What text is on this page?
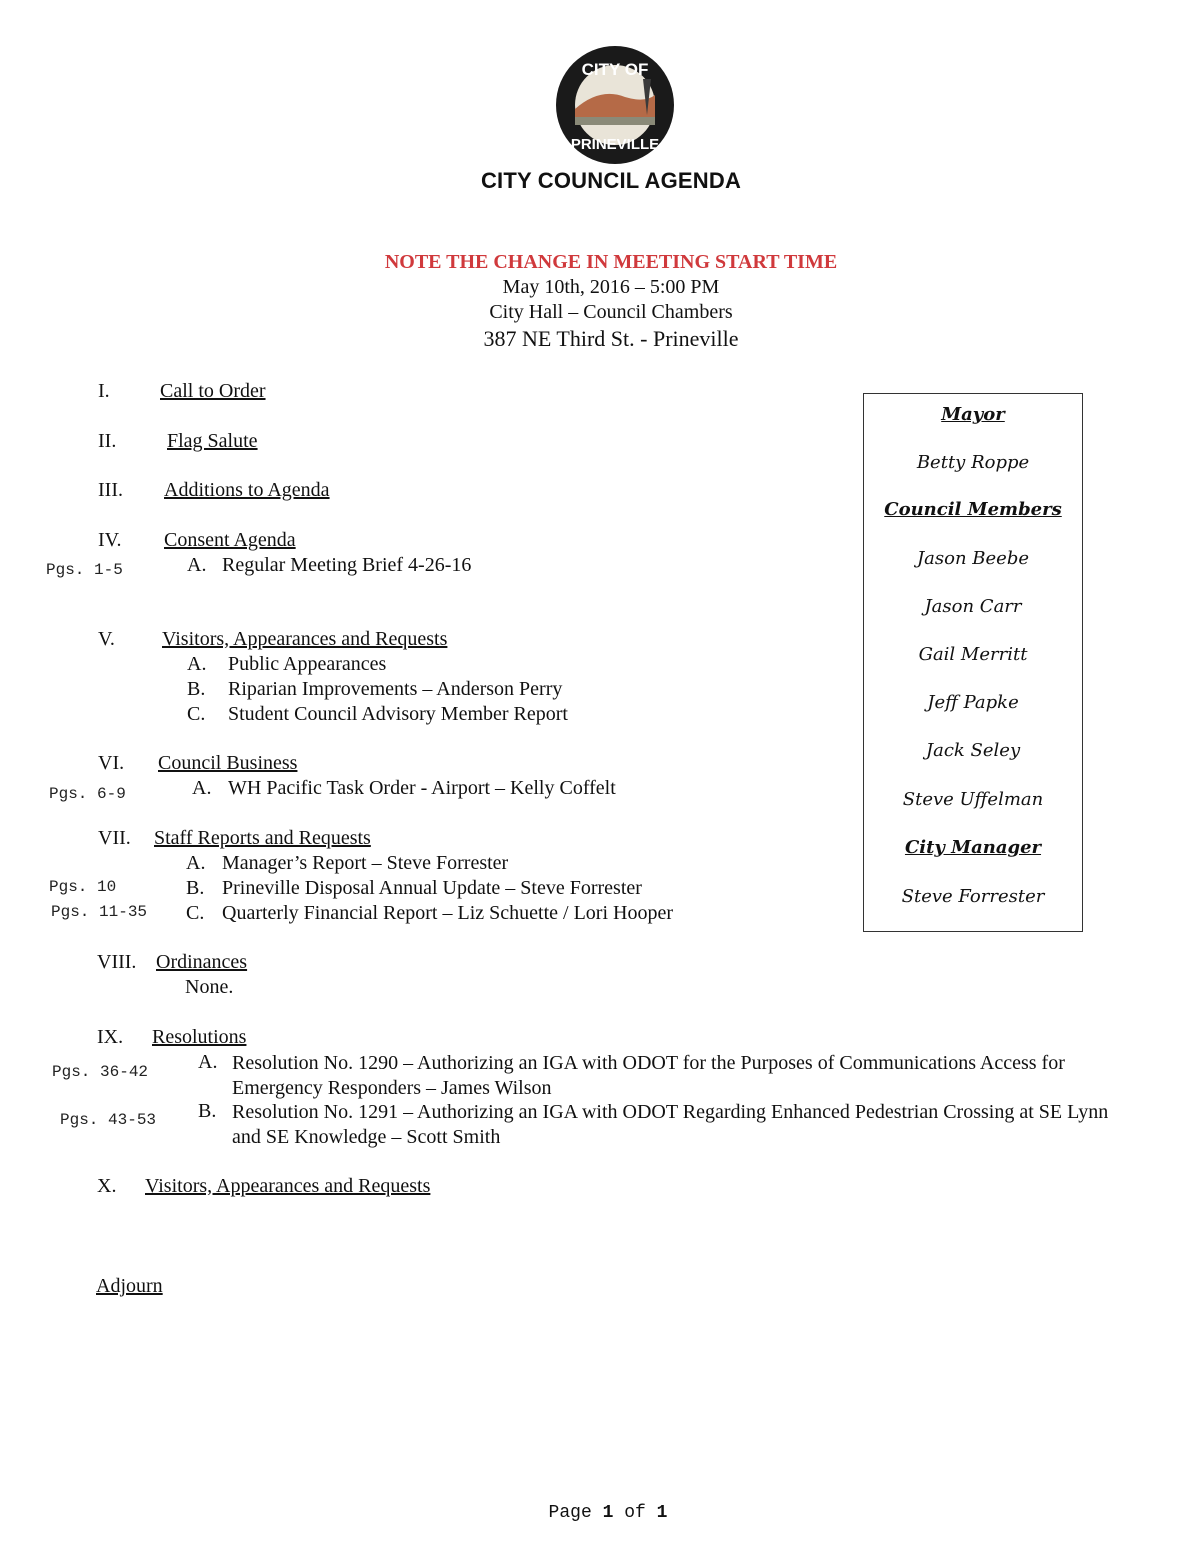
CITY OF
PRINEVILLE
CITY COUNCIL AGENDA
NOTE THE CHANGE IN MEETING START TIME
May 10th, 2016 – 5:00 PM
City Hall – Council Chambers
387 NE Third St. - Prineville
I.	Call to Order
II.	Flag Salute
III. Additions to Agenda
IV. Consent Agenda
Pgs. 1-5	A. Regular Meeting Brief 4-26-16
V. Visitors, Appearances and Requests
A. Public Appearances
B. Riparian Improvements – Anderson Perry
C. Student Council Advisory Member Report
VI. Council Business
Pgs. 6-9	A. WH Pacific Task Order - Airport – Kelly Coffelt
VII. Staff Reports and Requests
A. Manager’s Report – Steve Forrester
Pgs. 10	B. Prineville Disposal Annual Update – Steve Forrester
Pgs. 11-35 C. Quarterly Financial Report – Liz Schuette / Lori Hooper
VIII. Ordinances
None.
IX. Resolutions
Pgs. 36-42 A. Resolution No. 1290 – Authorizing an IGA with ODOT for the Purposes of Communications Access for Emergency Responders – James Wilson
Pgs. 43-53 B. Resolution No. 1291 – Authorizing an IGA with ODOT Regarding Enhanced Pedestrian Crossing at SE Lynn and SE Knowledge – Scott Smith
X. Visitors, Appearances and Requests
Adjourn
Mayor
Betty Roppe
Council Members
Jason Beebe
Jason Carr
Gail Merritt
Jeff Papke
Jack Seley
Steve Uffelman
City Manager
Steve Forrester
Page 1 of 1
